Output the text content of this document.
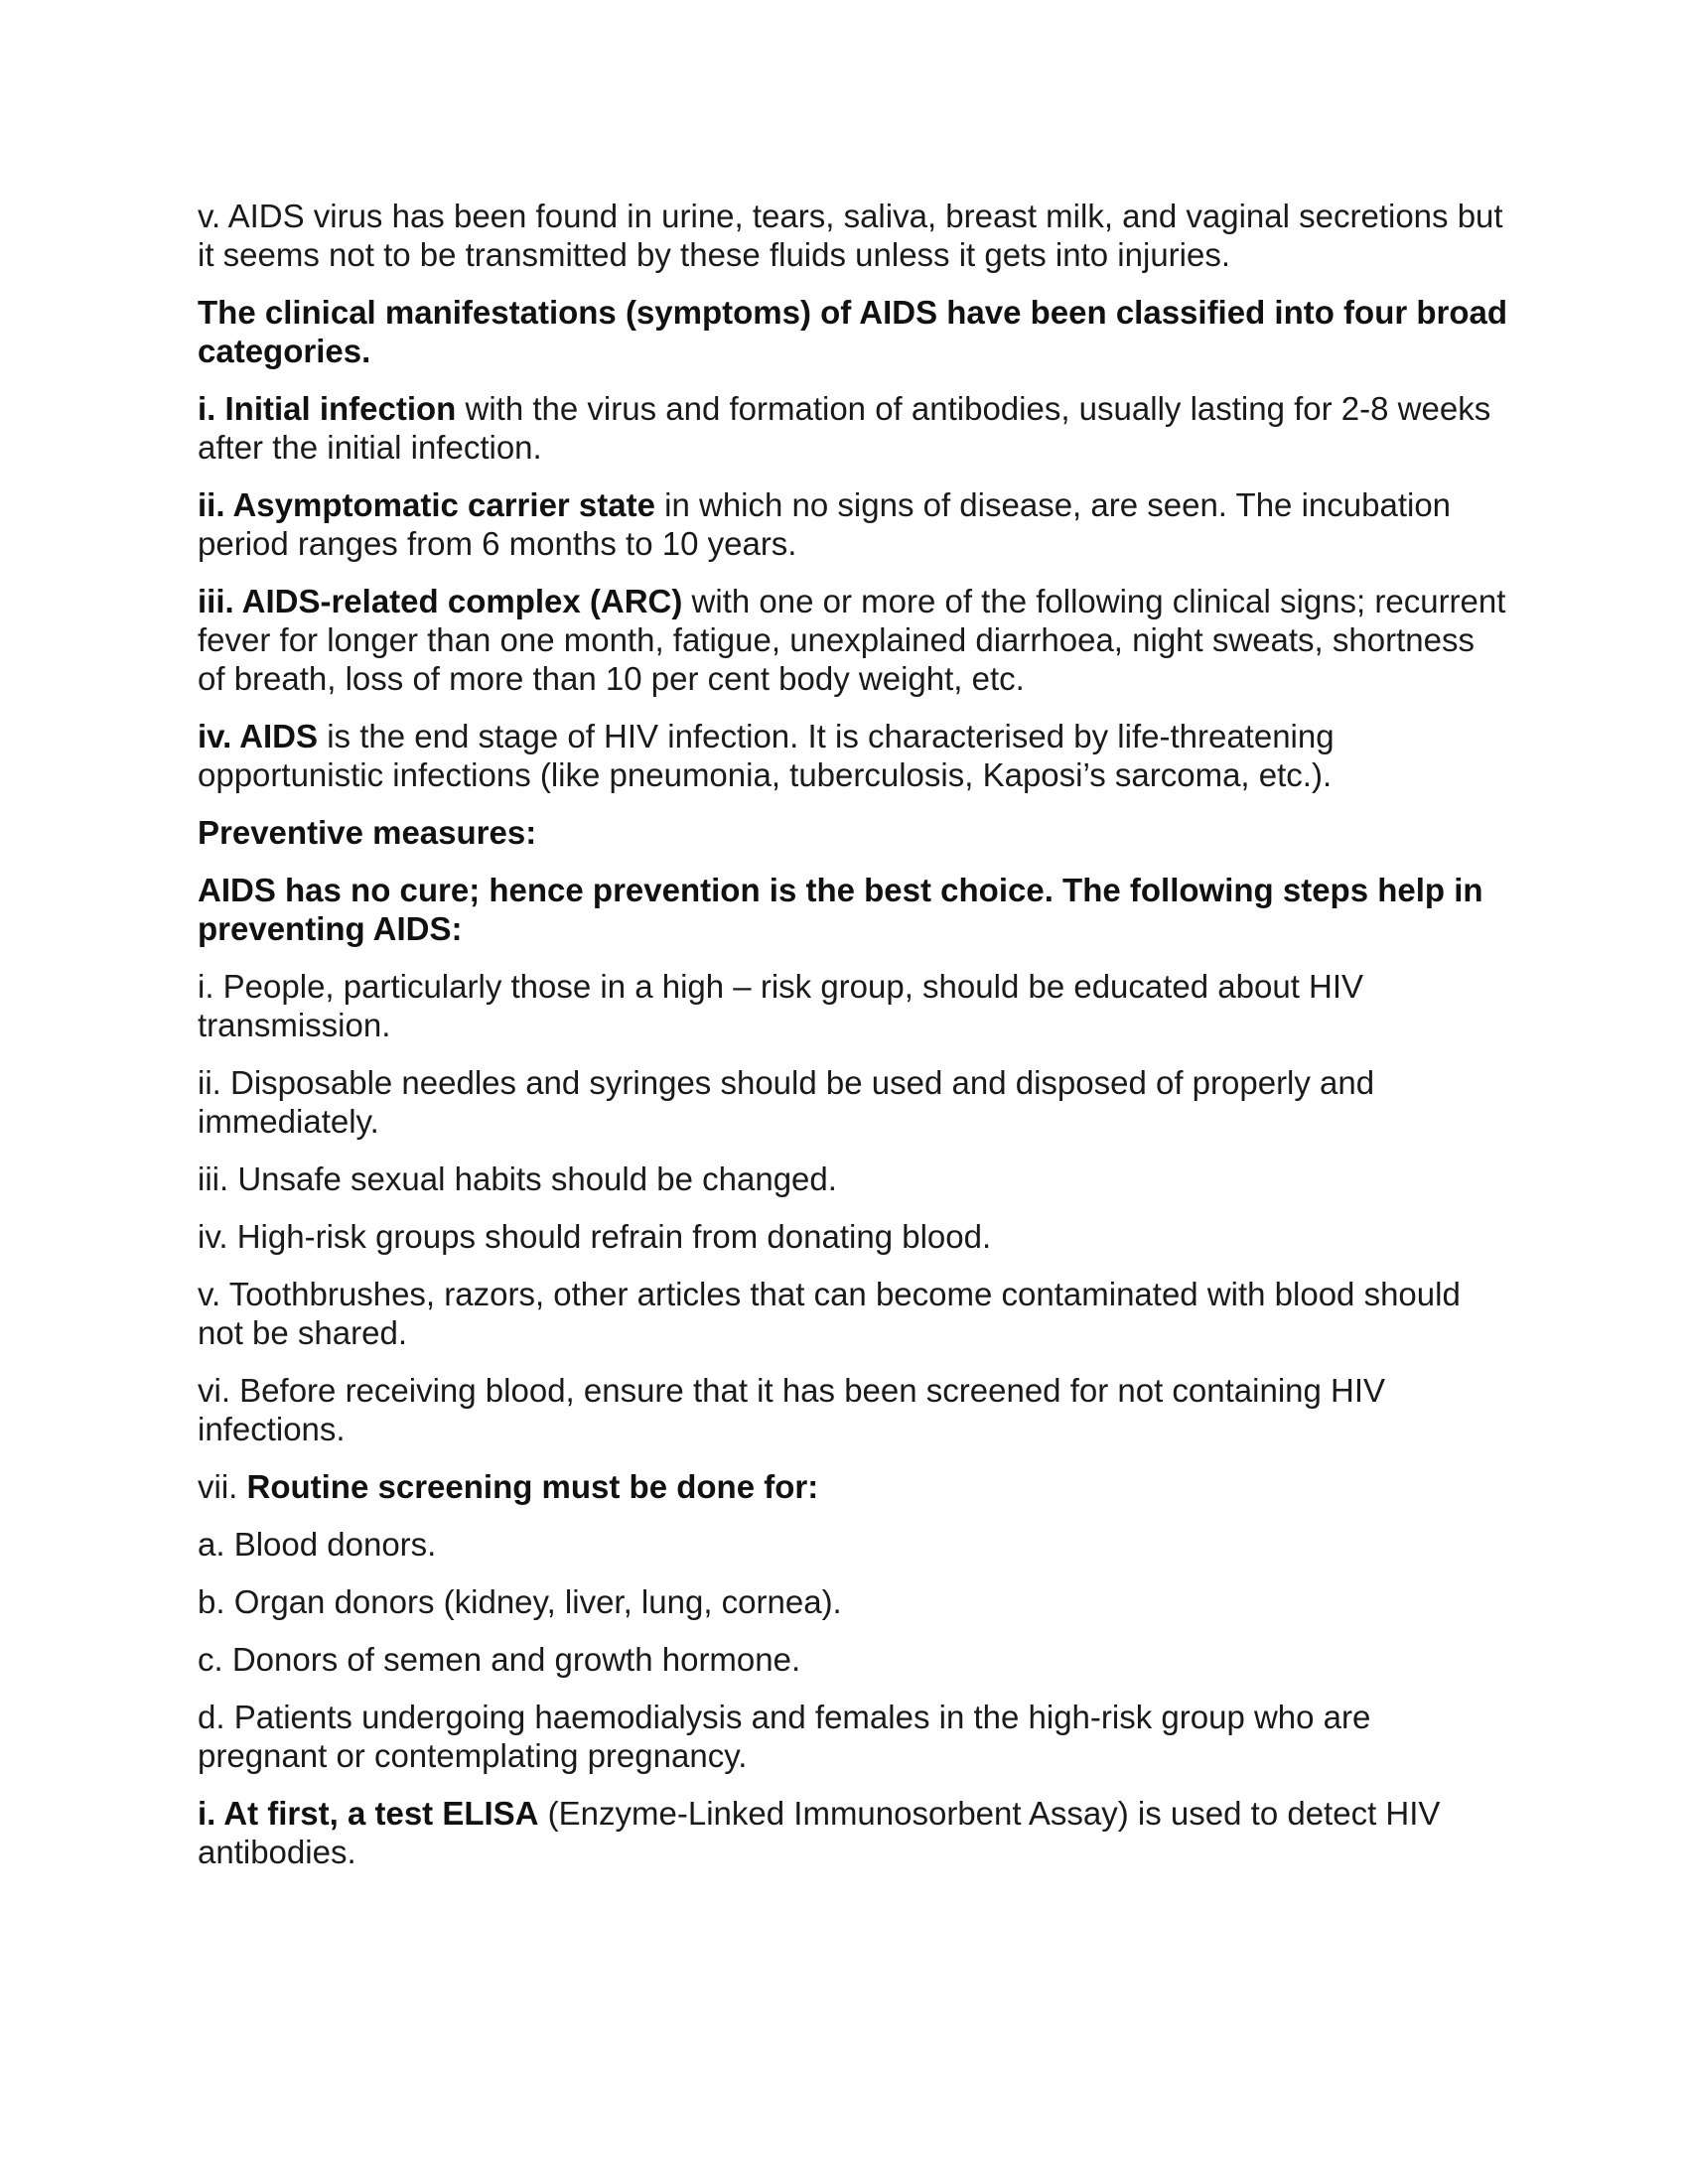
v. AIDS virus has been found in urine, tears, saliva, breast milk, and vaginal secretions but it seems not to be transmitted by these fluids unless it gets into injuries.

The clinical manifestations (symptoms) of AIDS have been classified into four broad categories.

i. Initial infection with the virus and formation of antibodies, usually lasting for 2-8 weeks after the initial infection.

ii. Asymptomatic carrier state in which no signs of disease, are seen. The incubation period ranges from 6 months to 10 years.

iii. AIDS-related complex (ARC) with one or more of the following clinical signs; recurrent fever for longer than one month, fatigue, unexplained diarrhoea, night sweats, shortness of breath, loss of more than 10 per cent body weight, etc.

iv. AIDS is the end stage of HIV infection. It is characterised by life-threatening opportunistic infections (like pneumonia, tuberculosis, Kaposi’s sarcoma, etc.).

Preventive measures:

AIDS has no cure; hence prevention is the best choice. The following steps help in preventing AIDS:

i. People, particularly those in a high – risk group, should be educated about HIV transmission.

ii. Disposable needles and syringes should be used and disposed of properly and immediately.

iii. Unsafe sexual habits should be changed.

iv. High-risk groups should refrain from donating blood.

v. Toothbrushes, razors, other articles that can become contaminated with blood should not be shared.

vi. Before receiving blood, ensure that it has been screened for not containing HIV infections.

vii. Routine screening must be done for:

a. Blood donors.

b. Organ donors (kidney, liver, lung, cornea).

c. Donors of semen and growth hormone.

d. Patients undergoing haemodialysis and females in the high-risk group who are pregnant or contemplating pregnancy.

i. At first, a test ELISA (Enzyme-Linked Immunosorbent Assay) is used to detect HIV antibodies.
